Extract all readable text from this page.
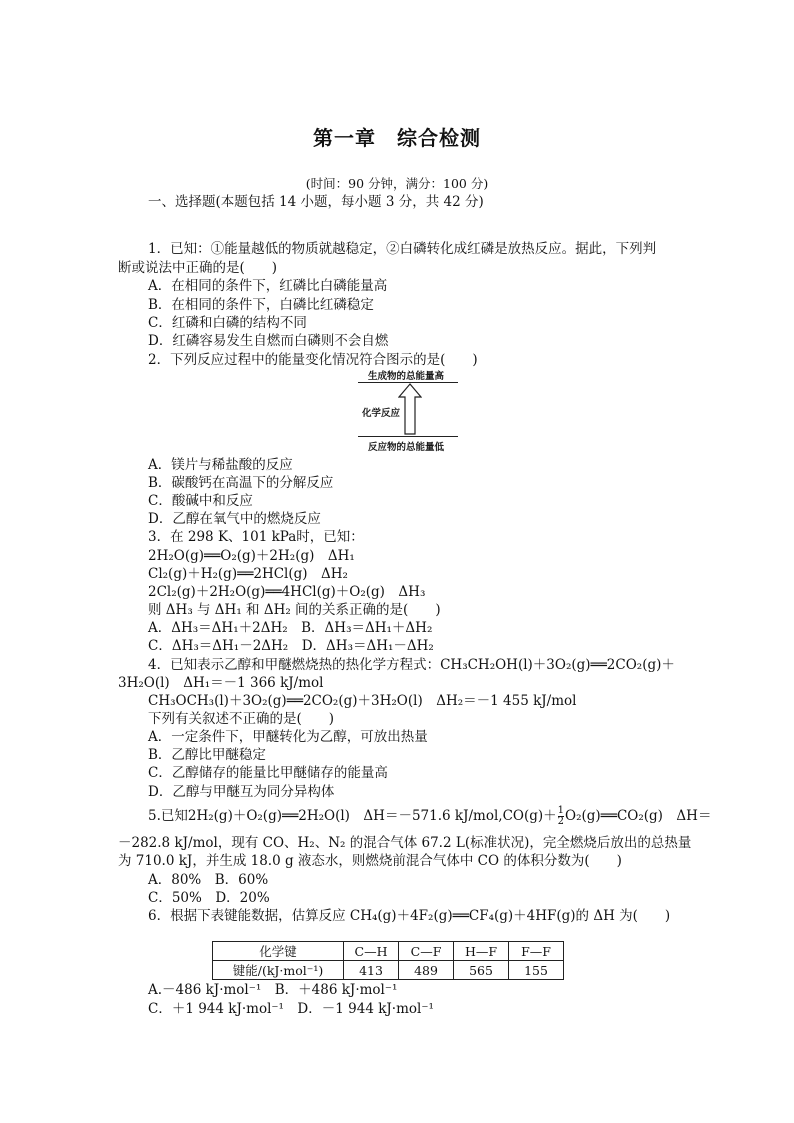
第一章　综合检测
(时间：90 分钟，满分：100 分)
一、选择题(本题包括 14 小题，每小题 3 分，共 42 分)
1．已知：①能量越低的物质就越稳定，②白磷转化成红磷是放热反应。据此，下列判
断或说法中正确的是(　　)
A．在相同的条件下，红磷比白磷能量高
B．在相同的条件下，白磷比红磷稳定
C．红磷和白磷的结构不同
D．红磷容易发生自燃而白磷则不会自燃
2．下列反应过程中的能量变化情况符合图示的是(　　)
生成物的总能量高
化学反应
反应物的总能量低
A．镁片与稀盐酸的反应
B．碳酸钙在高温下的分解反应
C．酸碱中和反应
D．乙醇在氧气中的燃烧反应
3．在 298 K、101 kPa时，已知：
2H₂O(g)══O₂(g)＋2H₂(g)　ΔH₁
Cl₂(g)＋H₂(g)══2HCl(g)　ΔH₂
2Cl₂(g)＋2H₂O(g)══4HCl(g)＋O₂(g)　ΔH₃
则 ΔH₃ 与 ΔH₁ 和 ΔH₂ 间的关系正确的是(　　)
A．ΔH₃＝ΔH₁＋2ΔH₂　B．ΔH₃＝ΔH₁＋ΔH₂
C．ΔH₃＝ΔH₁－2ΔH₂　D．ΔH₃＝ΔH₁－ΔH₂
4．已知表示乙醇和甲醚燃烧热的热化学方程式：CH₃CH₂OH(l)＋3O₂(g)══2CO₂(g)＋
3H₂O(l)　ΔH₁＝－1 366 kJ/mol
CH₃OCH₃(l)＋3O₂(g)══2CO₂(g)＋3H₂O(l)　ΔH₂＝－1 455 kJ/mol
下列有关叙述不正确的是(　　)
A．一定条件下，甲醚转化为乙醇，可放出热量
B．乙醇比甲醚稳定
C．乙醇储存的能量比甲醚储存的能量高
D．乙醇与甲醚互为同分异构体
5.已知2H₂(g)＋O₂(g)══2H₂O(l)　ΔH＝－571.6 $kJ/mol,CO(g)+ \frac{1}{2}$ O₂(g)══CO₂(g)　ΔH＝
－282.8 kJ/mol，现有 CO、H₂、N₂ 的混合气体 67.2 L(标准状况)，完全燃烧后放出的总热量
为 710.0 kJ，并生成 18.0 g 液态水，则燃烧前混合气体中 CO 的体积分数为(　　)
A．80%　B．60%
C．50%　D．20%
6．根据下表键能数据，估算反应 CH₄(g)＋4F₂(g)══CF₄(g)＋4HF(g)的 ΔH 为(　　)
化学键	C—H	C—F	H—F	F—F
键能/(kJ·mol⁻¹)	413	489	565	155
A.－486 kJ·mol⁻¹　B．＋486 kJ·mol⁻¹
C．＋1 944 kJ·mol⁻¹　D．－1 944 kJ·mol⁻¹
